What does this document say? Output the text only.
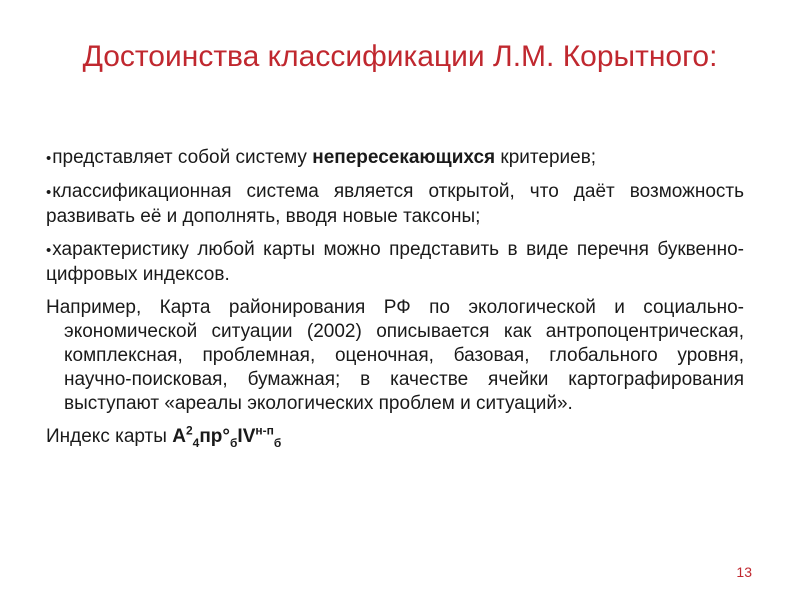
Достоинства классификации Л.М. Корытного:

•представляет собой систему непересекающихся критериев;

•классификационная система является открытой, что даёт возможность развивать её и дополнять, вводя новые таксоны;

•характеристику любой карты можно представить в виде перечня буквенно-цифровых индексов.

Например, Карта районирования РФ по экологической и социально-экономической ситуации (2002) описывается как антропоцентрическая, комплексная, проблемная, оценочная, базовая, глобального уровня, научно-поисковая, бумажная; в качестве ячейки картографирования выступают «ареалы экологических проблем и ситуаций».

Индекс карты $А^2_4пр^\circ_бIV^{н-п}_б$

13
